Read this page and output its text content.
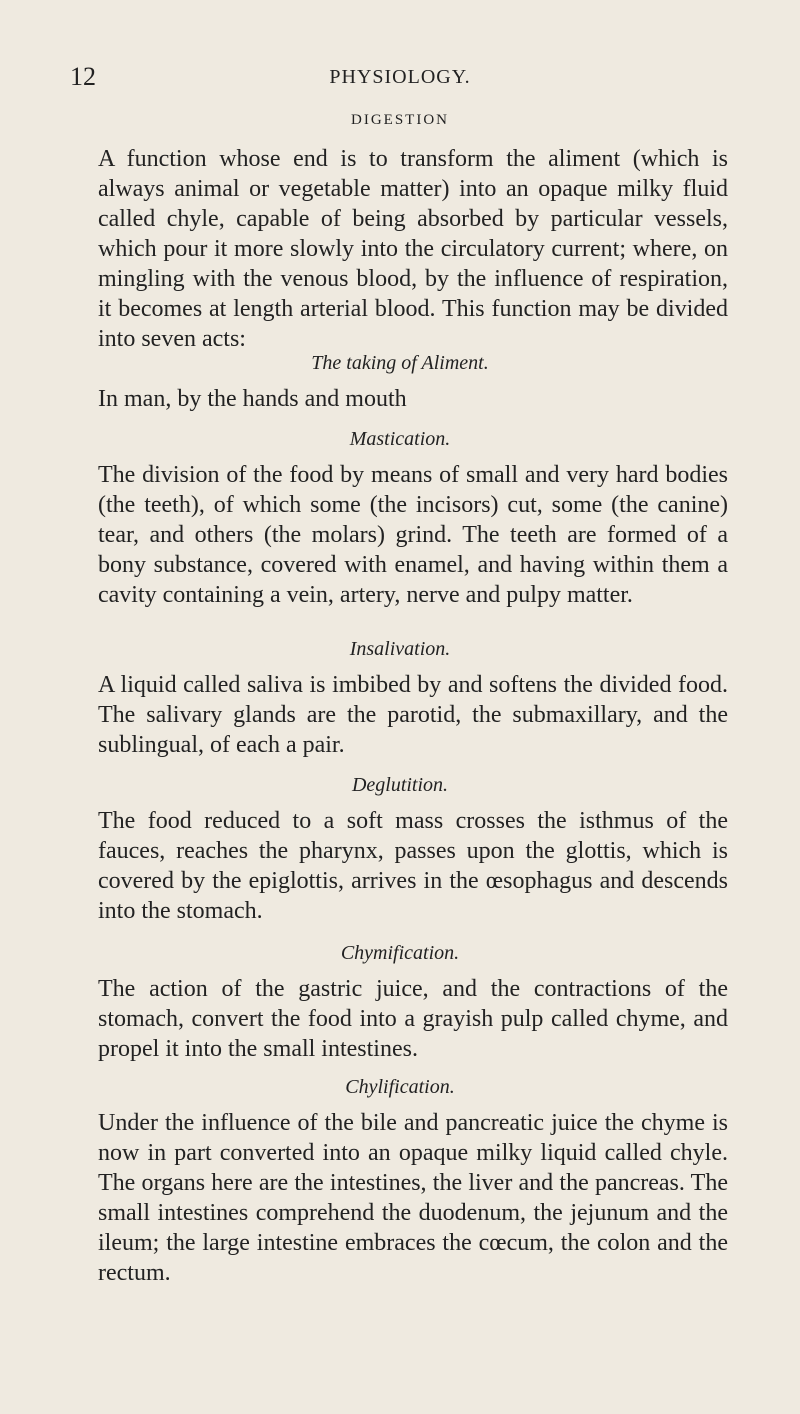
12	PHYSIOLOGY.
DIGESTION

A function whose end is to transform the aliment (which is always animal or vegetable matter) into an opaque milky fluid called chyle, capable of being absorbed by particular vessels, which pour it more slowly into the circulatory current; where, on mingling with the venous blood, by the influence of respiration, it becomes at length arterial blood. This function may be divided into seven acts:

The taking of Aliment.

In man, by the hands and mouth

Mastication.

The division of the food by means of small and very hard bodies (the teeth), of which some (the incisors) cut, some (the canine) tear, and others (the molars) grind. The teeth are formed of a bony substance, covered with enamel, and having within them a cavity containing a vein, artery, nerve and pulpy matter.

Insalivation.

A liquid called saliva is imbibed by and softens the divided food. The salivary glands are the parotid, the submaxillary, and the sublingual, of each a pair.

Deglutition.

The food reduced to a soft mass crosses the isthmus of the fauces, reaches the pharynx, passes upon the glottis, which is covered by the epiglottis, arrives in the œsophagus and descends into the stomach.

Chymification.

The action of the gastric juice, and the contractions of the stomach, convert the food into a grayish pulp called chyme, and propel it into the small intestines.

Chylification.

Under the influence of the bile and pancreatic juice the chyme is now in part converted into an opaque milky liquid called chyle. The organs here are the intestines, the liver and the pancreas. The small intestines comprehend the duodenum, the jejunum and the ileum; the large intestine embraces the cœcum, the colon and the rectum.
